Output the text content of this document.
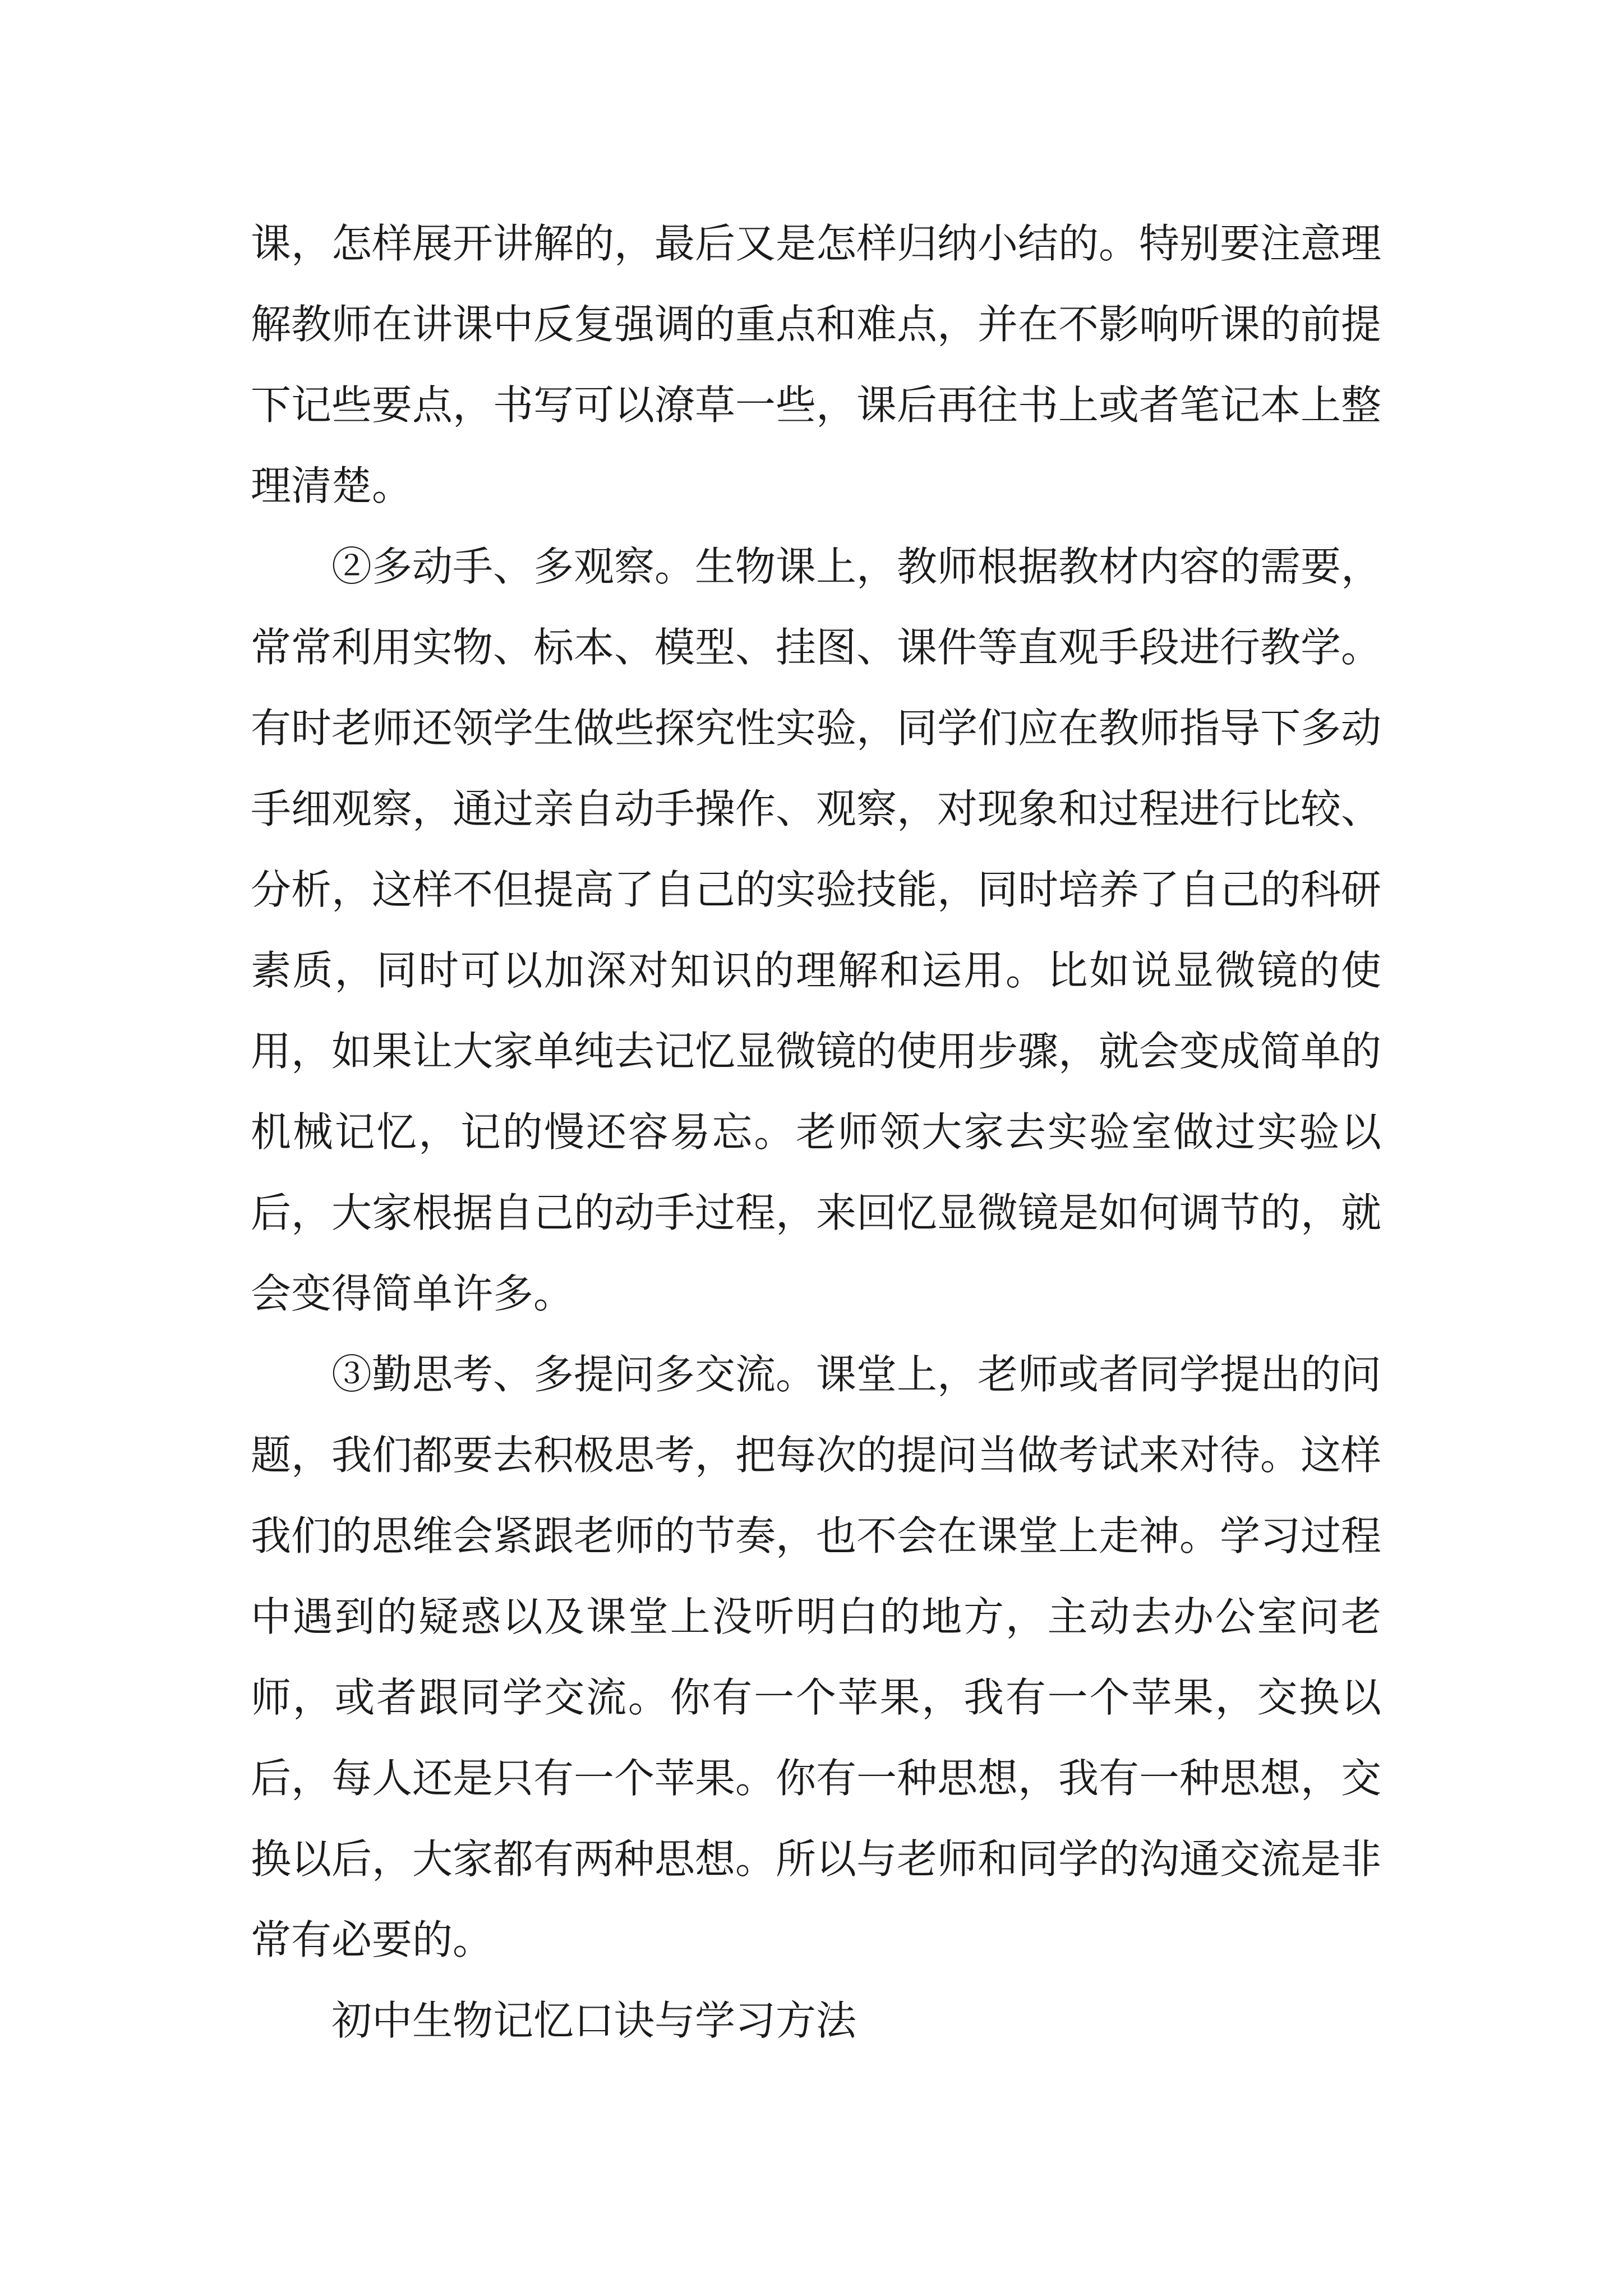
课，怎样展开讲解的，最后又是怎样归纳小结的。特别要注意理解教师在讲课中反复强调的重点和难点，并在不影响听课的前提下记些要点，书写可以潦草一些，课后再往书上或者笔记本上整理清楚。

②多动手、多观察。生物课上，教师根据教材内容的需要，常常利用实物、标本、模型、挂图、课件等直观手段进行教学。有时老师还领学生做些探究性实验，同学们应在教师指导下多动手细观察，通过亲自动手操作、观察，对现象和过程进行比较、分析，这样不但提高了自己的实验技能，同时培养了自己的科研素质，同时可以加深对知识的理解和运用。比如说显微镜的使用，如果让大家单纯去记忆显微镜的使用步骤，就会变成简单的机械记忆，记的慢还容易忘。老师领大家去实验室做过实验以后，大家根据自己的动手过程，来回忆显微镜是如何调节的，就会变得简单许多。

③勤思考、多提问多交流。课堂上，老师或者同学提出的问题，我们都要去积极思考，把每次的提问当做考试来对待。这样我们的思维会紧跟老师的节奏，也不会在课堂上走神。学习过程中遇到的疑惑以及课堂上没听明白的地方，主动去办公室问老师，或者跟同学交流。你有一个苹果，我有一个苹果，交换以后，每人还是只有一个苹果。你有一种思想，我有一种思想，交换以后，大家都有两种思想。所以与老师和同学的沟通交流是非常有必要的。

初中生物记忆口诀与学习方法
